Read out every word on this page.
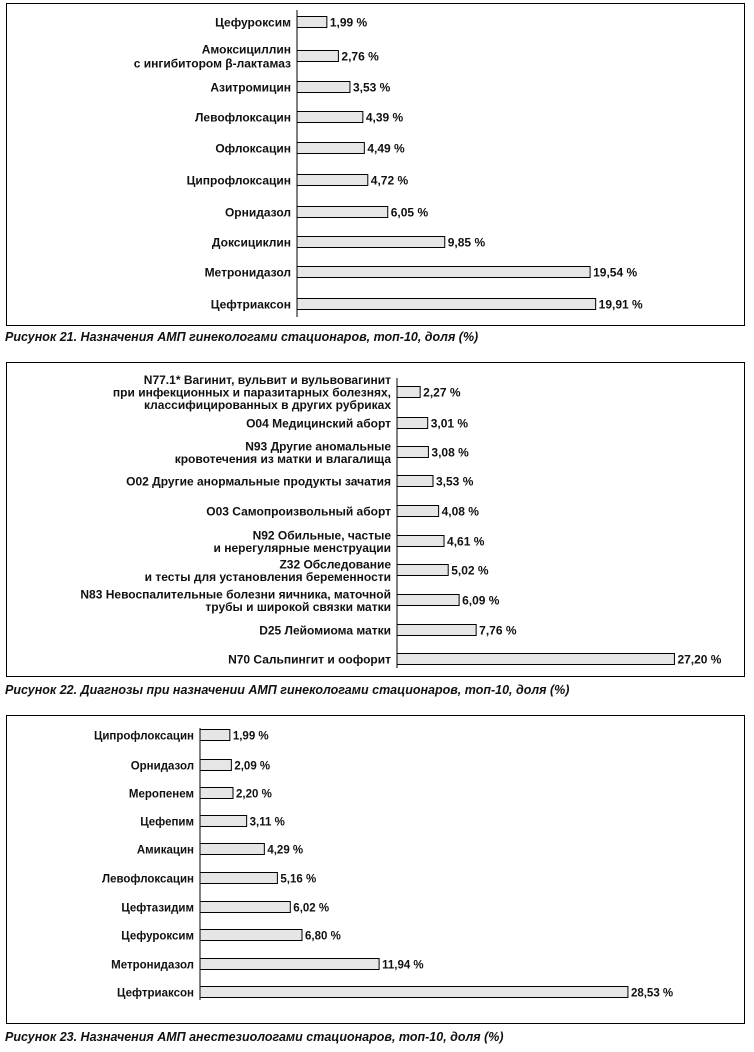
Рисунок 21. Назначения АМП гинекологами стационаров, топ-10, доля (%)
Рисунок 22. Диагнозы при назначении АМП гинекологами стационаров, топ-10, доля (%)
Рисунок 23. Назначения АМП анестезиологами стационаров, топ-10, доля (%)
1,99 %
Цефуроксим
2,76 %
Амоксициллин
с ингибитором β-лактамаз
3,53 %
Азитромицин
4,39 %
Левофлоксацин
4,49 %
Офлоксацин
4,72 %
Ципрофлоксацин
6,05 %
Орнидазол
9,85 %
Доксициклин
19,54 %
Метронидазол
19,91 %
Цефтриаксон
2,27 %
N77.1* Вагинит, вульвит и вульвовагинит
при инфекционных и паразитарных болезнях,
классифицированных в других рубриках
3,01 %
O04 Медицинский аборт
3,08 %
N93 Другие аномальные
кровотечения из матки и влагалища
3,53 %
O02 Другие анормальные продукты зачатия
4,08 %
O03 Самопроизвольный аборт
4,61 %
N92 Обильные, частые
и нерегулярные менструации
5,02 %
Z32 Обследование
и тесты для установления беременности
6,09 %
N83 Невоспалительные болезни яичника, маточной
трубы и широкой связки матки
7,76 %
D25 Лейомиома матки
27,20 %
N70 Сальпингит и оофорит
1,99 %
Ципрофлоксацин
2,09 %
Орнидазол
2,20 %
Меропенем
3,11 %
Цефепим
4,29 %
Амикацин
5,16 %
Левофлоксацин
6,02 %
Цефтазидим
6,80 %
Цефуроксим
11,94 %
Метронидазол
28,53 %
Цефтриаксон
